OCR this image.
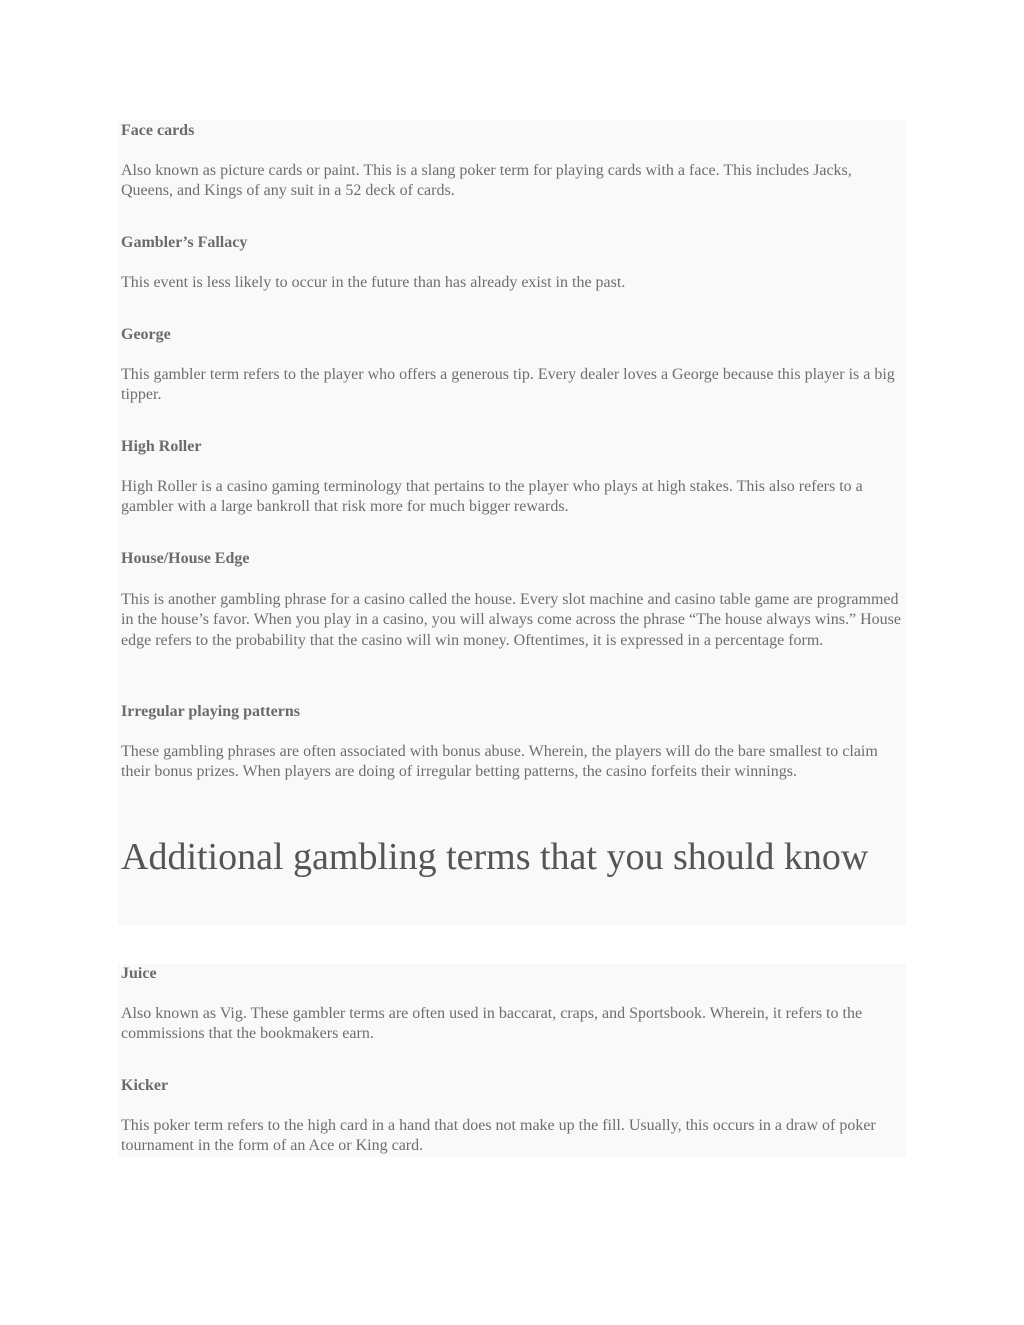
Face cards

Also known as picture cards or paint. This is a slang poker term for playing cards with a face. This includes Jacks, Queens, and Kings of any suit in a 52 deck of cards.

Gambler’s Fallacy

This event is less likely to occur in the future than has already exist in the past.

George

This gambler term refers to the player who offers a generous tip. Every dealer loves a George because this player is a big tipper.

High Roller

High Roller is a casino gaming terminology that pertains to the player who plays at high stakes. This also refers to a gambler with a large bankroll that risk more for much bigger rewards.

House/House Edge

This is another gambling phrase for a casino called the house. Every slot machine and casino table game are programmed in the house’s favor. When you play in a casino, you will always come across the phrase “The house always wins.” House edge refers to the probability that the casino will win money. Oftentimes, it is expressed in a percentage form.

Irregular playing patterns

These gambling phrases are often associated with bonus abuse. Wherein, the players will do the bare smallest to claim their bonus prizes. When players are doing of irregular betting patterns, the casino forfeits their winnings.

Additional gambling terms that you should know
Juice

Also known as Vig. These gambler terms are often used in baccarat, craps, and Sportsbook. Wherein, it refers to the commissions that the bookmakers earn.

Kicker

This poker term refers to the high card in a hand that does not make up the fill. Usually, this occurs in a draw of poker tournament in the form of an Ace or King card.
